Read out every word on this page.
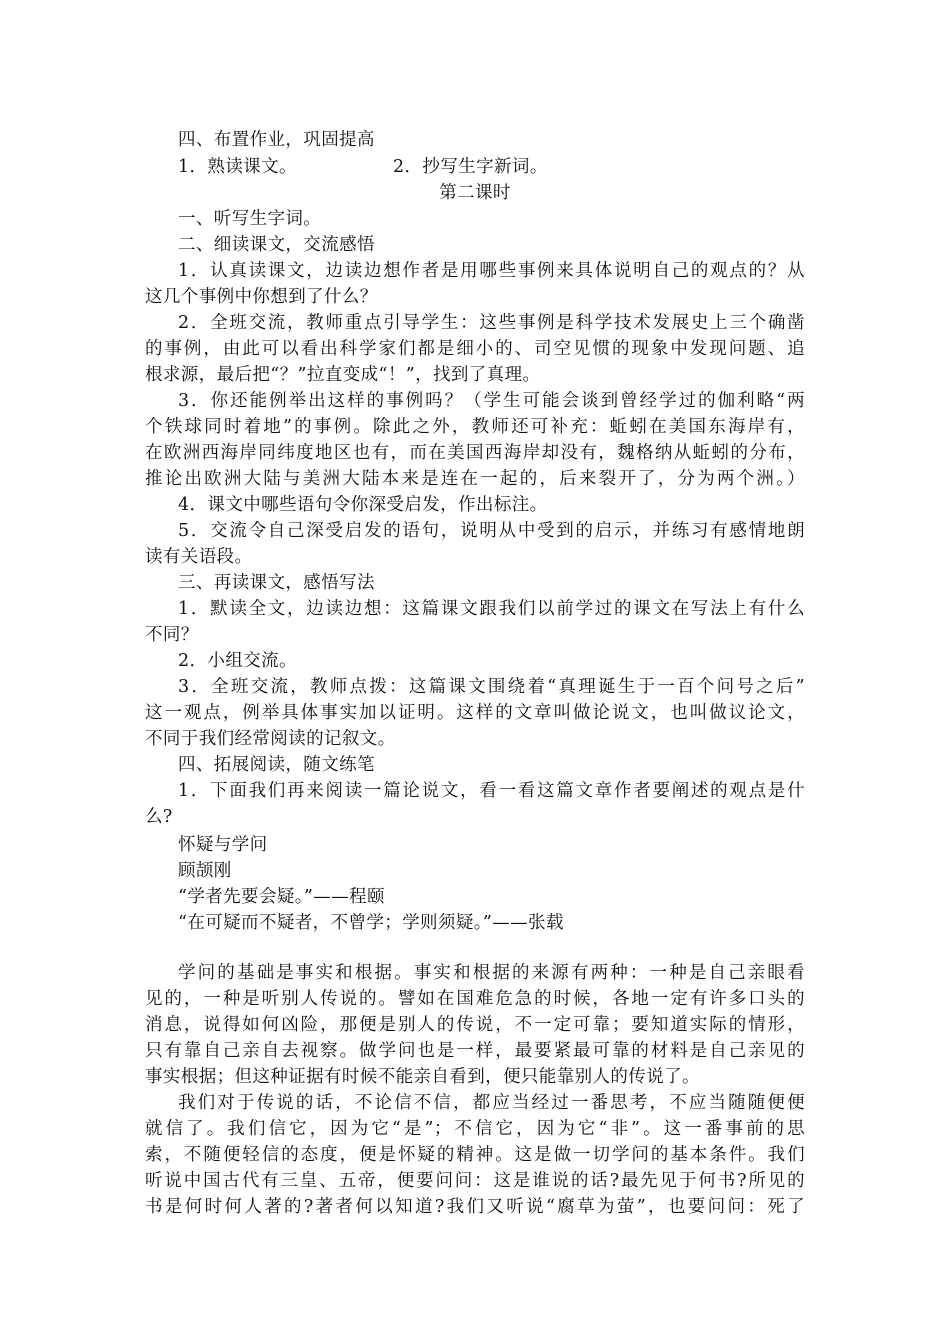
四、布置作业，巩固提高
1．熟读课文。	2．抄写生字新词。
第二课时
一、听写生字词。
二、细读课文，交流感悟
1．认真读课文，边读边想作者是用哪些事例来具体说明自己的观点的？从
这几个事例中你想到了什么？
2．全班交流，教师重点引导学生：这些事例是科学技术发展史上三个确凿
的事例，由此可以看出科学家们都是细小的、司空见惯的现象中发现问题、追
根求源，最后把“？”拉直变成“！”，找到了真理。
3．你还能例举出这样的事例吗？（学生可能会谈到曾经学过的伽利略“两
个铁球同时着地”的事例。除此之外，教师还可补充：蚯蚓在美国东海岸有，
在欧洲西海岸同纬度地区也有，而在美国西海岸却没有，魏格纳从蚯蚓的分布，
推论出欧洲大陆与美洲大陆本来是连在一起的，后来裂开了，分为两个洲。）
4．课文中哪些语句令你深受启发，作出标注。
5．交流令自己深受启发的语句，说明从中受到的启示，并练习有感情地朗
读有关语段。
三、再读课文，感悟写法
1．默读全文，边读边想：这篇课文跟我们以前学过的课文在写法上有什么
不同？
2．小组交流。
3．全班交流，教师点拨：这篇课文围绕着“真理诞生于一百个问号之后”
这一观点，例举具体事实加以证明。这样的文章叫做论说文，也叫做议论文，
不同于我们经常阅读的记叙文。
四、拓展阅读，随文练笔
1．下面我们再来阅读一篇论说文，看一看这篇文章作者要阐述的观点是什
么?
怀疑与学问
顾颉刚
“学者先要会疑。”——程颐
“在可疑而不疑者，不曾学；学则须疑。”——张载
学问的基础是事实和根据。事实和根据的来源有两种：一种是自己亲眼看
见的，一种是听别人传说的。譬如在国难危急的时候，各地一定有许多口头的
消息，说得如何凶险，那便是别人的传说，不一定可靠；要知道实际的情形，
只有靠自己亲自去视察。做学问也是一样，最要紧最可靠的材料是自己亲见的
事实根据；但这种证据有时候不能亲自看到，便只能靠别人的传说了。
我们对于传说的话，不论信不信，都应当经过一番思考，不应当随随便便
就信了。我们信它，因为它“是”；不信它，因为它“非”。这一番事前的思
索，不随便轻信的态度，便是怀疑的精神。这是做一切学问的基本条件。我们
听说中国古代有三皇、五帝，便要问问：这是谁说的话?最先见于何书?所见的
书是何时何人著的?著者何以知道?我们又听说“腐草为萤”，也要问问：死了
